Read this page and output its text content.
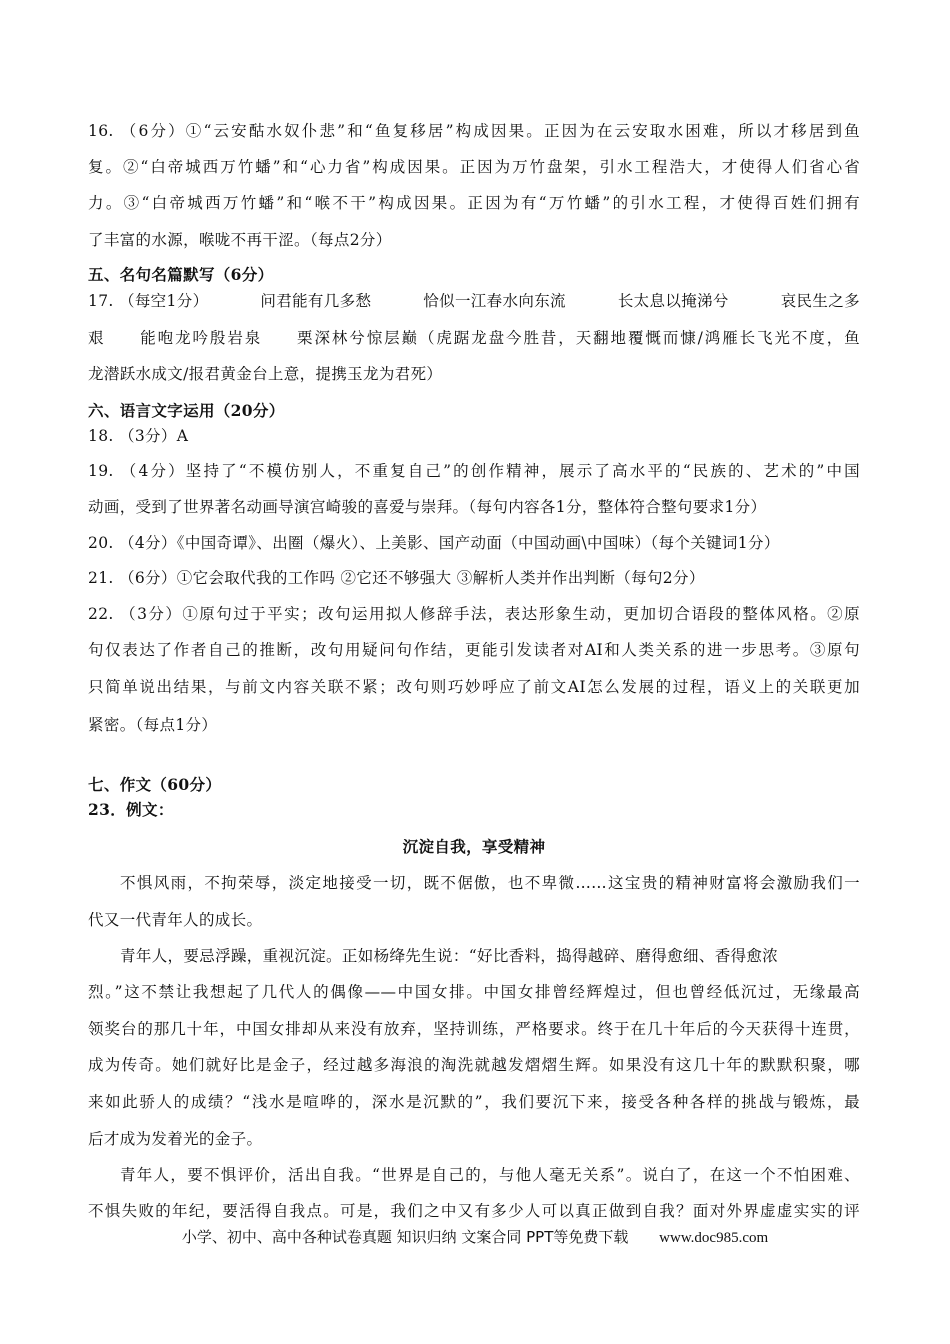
16. （6分）①“云安酤水奴仆悲”和“鱼复移居”构成因果。正因为在云安取水困难，所以才移居到鱼
复。②“白帝城西万竹蟠”和“心力省”构成因果。正因为万竹盘架，引水工程浩大，才使得人们省心省
力。③“白帝城西万竹蟠”和“喉不干”构成因果。正因为有“万竹蟠”的引水工程，才使得百姓们拥有
了丰富的水源，喉咙不再干涩。（每点2分）
五、名句名篇默写（6分）
17. （每空1分）	问君能有几多愁	恰似一江春水向东流	长太息以掩涕兮	哀民生之多
艰　　能咆龙吟殷岩泉　　栗深林兮惊层巅（虎踞龙盘今胜昔，天翻地覆慨而慷/鸿雁长飞光不度，鱼
龙潜跃水成文/报君黄金台上意，提携玉龙为君死）
六、语言文字运用（20分）
18. （3分）A
19. （4分）坚持了“不模仿别人，不重复自己”的创作精神，展示了高水平的“民族的、艺术的”中国
动画，受到了世界著名动画导演宫崎骏的喜爱与崇拜。（每句内容各1分，整体符合整句要求1分）
20. （4分）《中国奇谭》、出圈（爆火）、上美影、国产动面（中国动画\中国味）（每个关键词1分）
21. （6分）①它会取代我的工作吗 ②它还不够强大 ③解析人类并作出判断（每句2分）
22. （3分）①原句过于平实；改句运用拟人修辞手法，表达形象生动，更加切合语段的整体风格。②原
句仅表达了作者自己的推断，改句用疑问句作结，更能引发读者对AI和人类关系的进一步思考。③原句
只简单说出结果，与前文内容关联不紧；改句则巧妙呼应了前文AI怎么发展的过程，语义上的关联更加
紧密。（每点1分）
七、作文（60分）
23．例文：
沉淀自我，享受精神
不惧风雨，不拘荣辱，淡定地接受一切，既不倨傲，也不卑微……这宝贵的精神财富将会激励我们一
代又一代青年人的成长。
青年人，要忌浮躁，重视沉淀。正如杨绛先生说：“好比香料，捣得越碎、磨得愈细、香得愈浓
烈。”这不禁让我想起了几代人的偶像——中国女排。中国女排曾经辉煌过，但也曾经低沉过，无缘最高
领奖台的那几十年，中国女排却从来没有放弃，坚持训练，严格要求。终于在几十年后的今天获得十连贯，
成为传奇。她们就好比是金子，经过越多海浪的淘洗就越发熠熠生辉。如果没有这几十年的默默积聚，哪
来如此骄人的成绩？“浅水是喧哗的，深水是沉默的”，我们要沉下来，接受各种各样的挑战与锻炼，最
后才成为发着光的金子。
青年人，要不惧评价，活出自我。“世界是自己的，与他人毫无关系”。说白了，在这一个不怕困难、
不惧失败的年纪，要活得自我点。可是，我们之中又有多少人可以真正做到自我？面对外界虚虚实实的评
小学、初中、高中各种试卷真题 知识归纳 文案合同 PPT等免费下载 www.doc985.com
